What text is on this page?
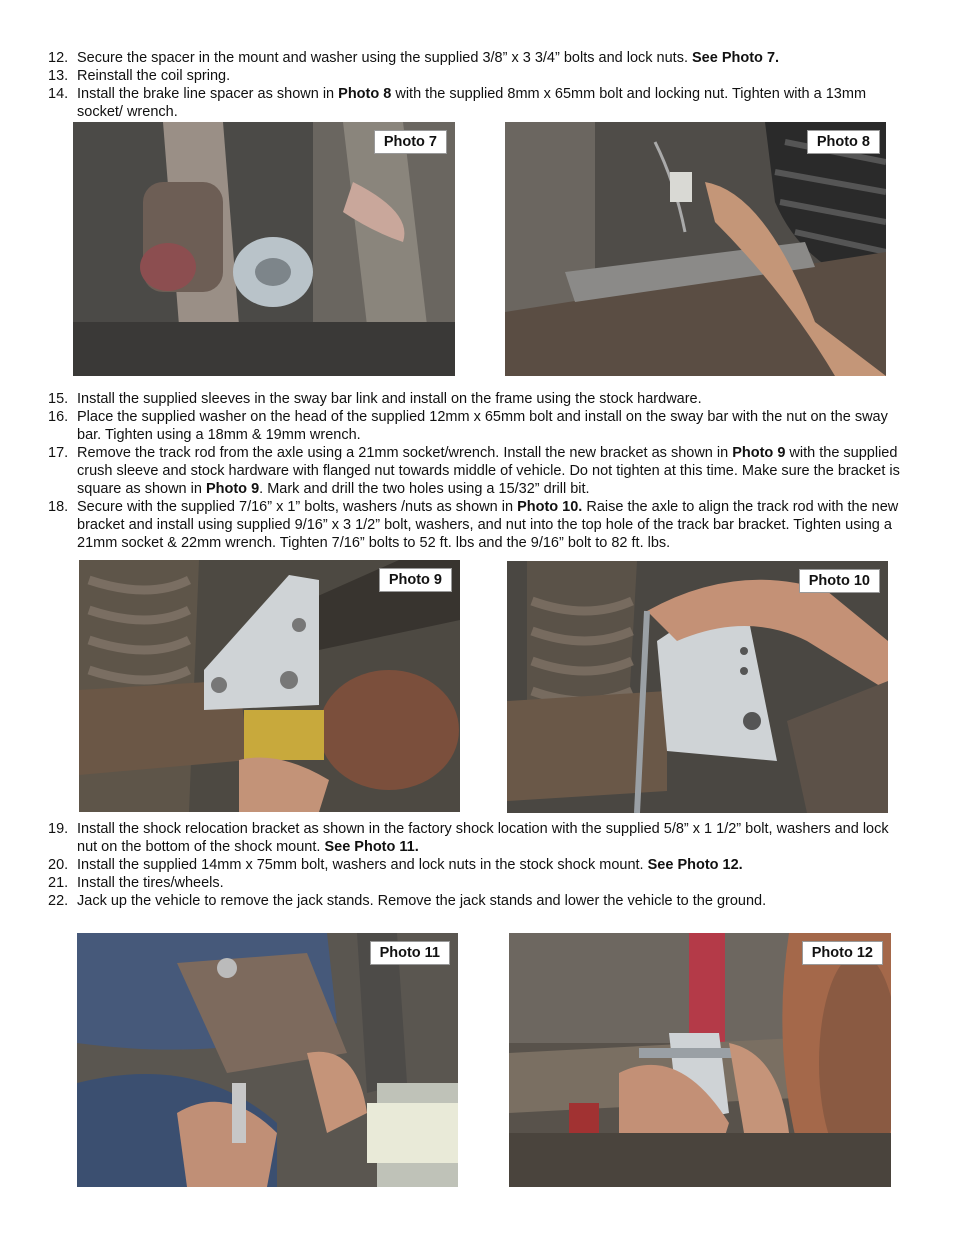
12. Secure the spacer in the mount and washer using the supplied 3/8” x 3 3/4” bolts and lock nuts. See Photo 7.
13. Reinstall the coil spring.
14. Install the brake line spacer as shown in Photo 8 with the supplied 8mm x 65mm bolt and locking nut. Tighten with a 13mm socket/ wrench.
Photo 7	Photo 8
15. Install the supplied sleeves in the sway bar link and install on the frame using the stock hardware.
16. Place the supplied washer on the head of the supplied 12mm x 65mm bolt and install on the sway bar with the nut on the sway bar. Tighten using a 18mm & 19mm wrench.
17. Remove the track rod from the axle using a 21mm socket/wrench. Install the new bracket as shown in Photo 9 with the supplied crush sleeve and stock hardware with flanged nut towards middle of vehicle. Do not tighten at this time. Make sure the bracket is square as shown in Photo 9. Mark and drill the two holes using a 15/32” drill bit.
18. Secure with the supplied 7/16” x 1” bolts, washers /nuts as shown in Photo 10. Raise the axle to align the track rod with the new bracket and install using supplied 9/16” x 3 1/2” bolt, washers, and nut into the top hole of the track bar bracket. Tighten using a 21mm socket & 22mm wrench. Tighten 7/16” bolts to 52 ft. lbs and the 9/16” bolt to 82 ft. lbs.
Photo 9	Photo 10
19. Install the shock relocation bracket as shown in the factory shock location with the supplied 5/8” x 1 1/2” bolt, washers and lock nut on the bottom of the shock mount. See Photo 11.
20. Install the supplied 14mm x 75mm bolt, washers and lock nuts in the stock shock mount. See Photo 12.
21. Install the tires/wheels.
22. Jack up the vehicle to remove the jack stands. Remove the jack stands and lower the vehicle to the ground.
Photo 11	Photo 12
